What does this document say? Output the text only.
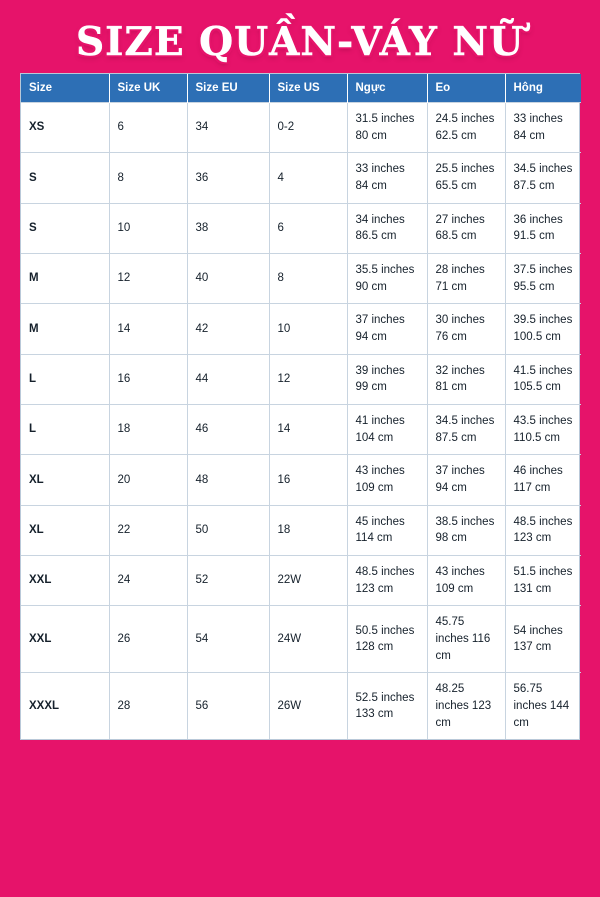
SIZE QUẦN-VÁY NỮ
Size	Size UK	Size EU	Size US	Ngực	Eo	Hông
XS	6	34	0-2	31.5 inches 80 cm	24.5 inches 62.5 cm	33 inches 84 cm
S	8	36	4	33 inches 84 cm	25.5 inches 65.5 cm	34.5 inches 87.5 cm
S	10	38	6	34 inches 86.5 cm	27 inches 68.5 cm	36 inches 91.5 cm
M	12	40	8	35.5 inches 90 cm	28 inches 71 cm	37.5 inches 95.5 cm
M	14	42	10	37 inches 94 cm	30 inches 76 cm	39.5 inches 100.5 cm
L	16	44	12	39 inches 99 cm	32 inches 81 cm	41.5 inches 105.5 cm
L	18	46	14	41 inches 104 cm	34.5 inches 87.5 cm	43.5 inches 110.5 cm
XL	20	48	16	43 inches 109 cm	37 inches 94 cm	46 inches 117 cm
XL	22	50	18	45 inches 114 cm	38.5 inches 98 cm	48.5 inches 123 cm
XXL	24	52	22W	48.5 inches 123 cm	43 inches 109 cm	51.5 inches 131 cm
XXL	26	54	24W	50.5 inches 128 cm	45.75 inches 116 cm	54 inches 137 cm
XXXL	28	56	26W	52.5 inches 133 cm	48.25 inches 123 cm	56.75 inches 144 cm
